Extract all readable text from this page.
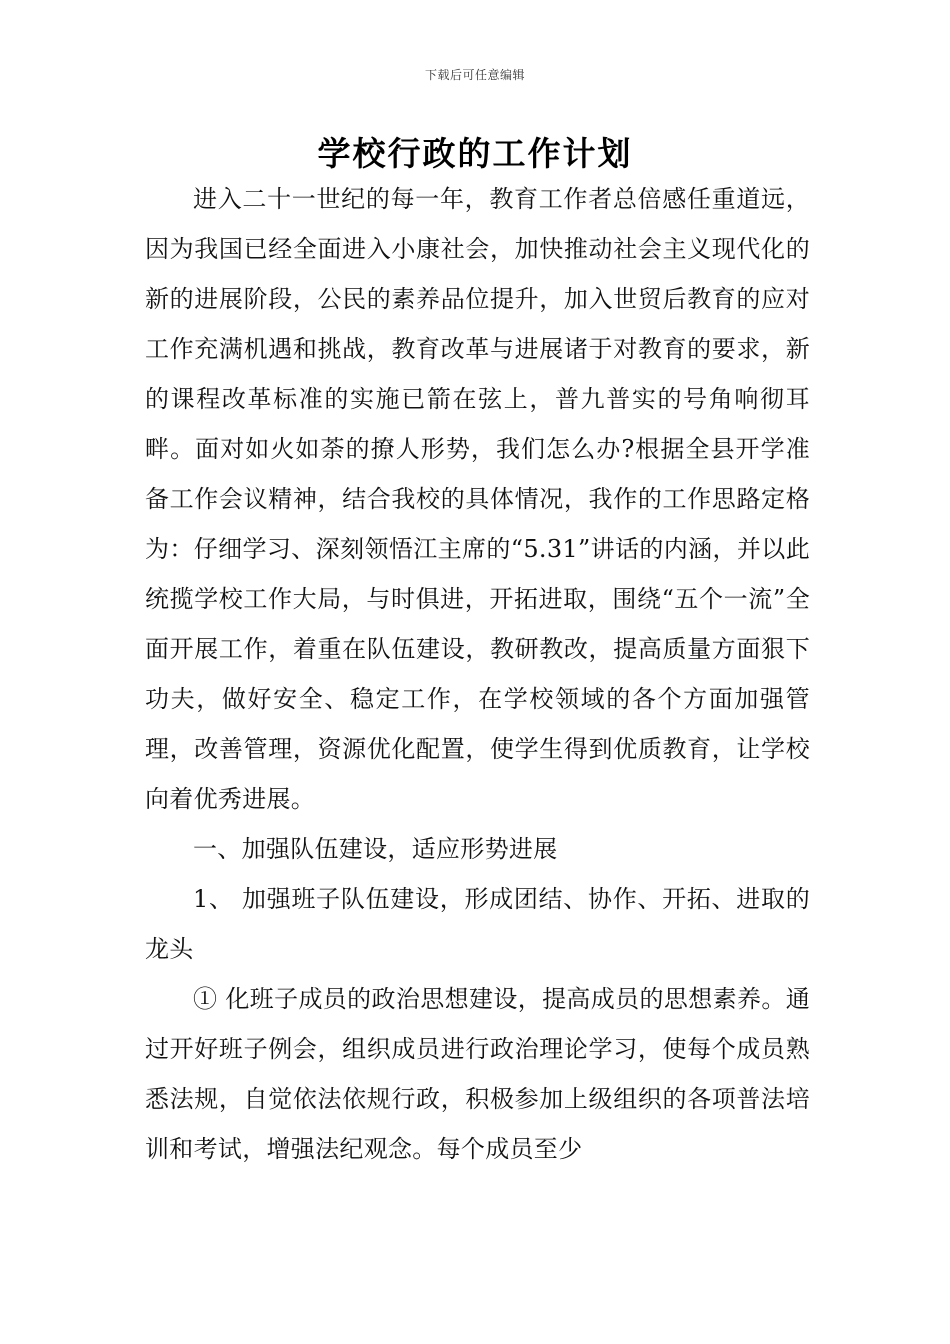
下载后可任意编辑
学校行政的工作计划

进入二十一世纪的每一年，教育工作者总倍感任重道远，因为我国已经全面进入小康社会，加快推动社会主义现代化的新的进展阶段，公民的素养品位提升，加入世贸后教育的应对工作充满机遇和挑战，教育改革与进展诸于对教育的要求，新的课程改革标准的实施已箭在弦上，普九普实的号角响彻耳畔。面对如火如荼的撩人形势，我们怎么办?根据全县开学准备工作会议精神，结合我校的具体情况，我作的工作思路定格为：仔细学习、深刻领悟江主席的“5.31”讲话的内涵，并以此统揽学校工作大局，与时俱进，开拓进取，围绕“五个一流”全面开展工作，着重在队伍建设，教研教改，提高质量方面狠下功夫，做好安全、稳定工作，在学校领域的各个方面加强管理，改善管理，资源优化配置，使学生得到优质教育，让学校向着优秀进展。

一、加强队伍建设，适应形势进展

1、 加强班子队伍建设，形成团结、协作、开拓、进取的龙头

① 化班子成员的政治思想建设，提高成员的思想素养。通过开好班子例会，组织成员进行政治理论学习，使每个成员熟悉法规，自觉依法依规行政，积极参加上级组织的各项普法培训和考试，增强法纪观念。每个成员至少
